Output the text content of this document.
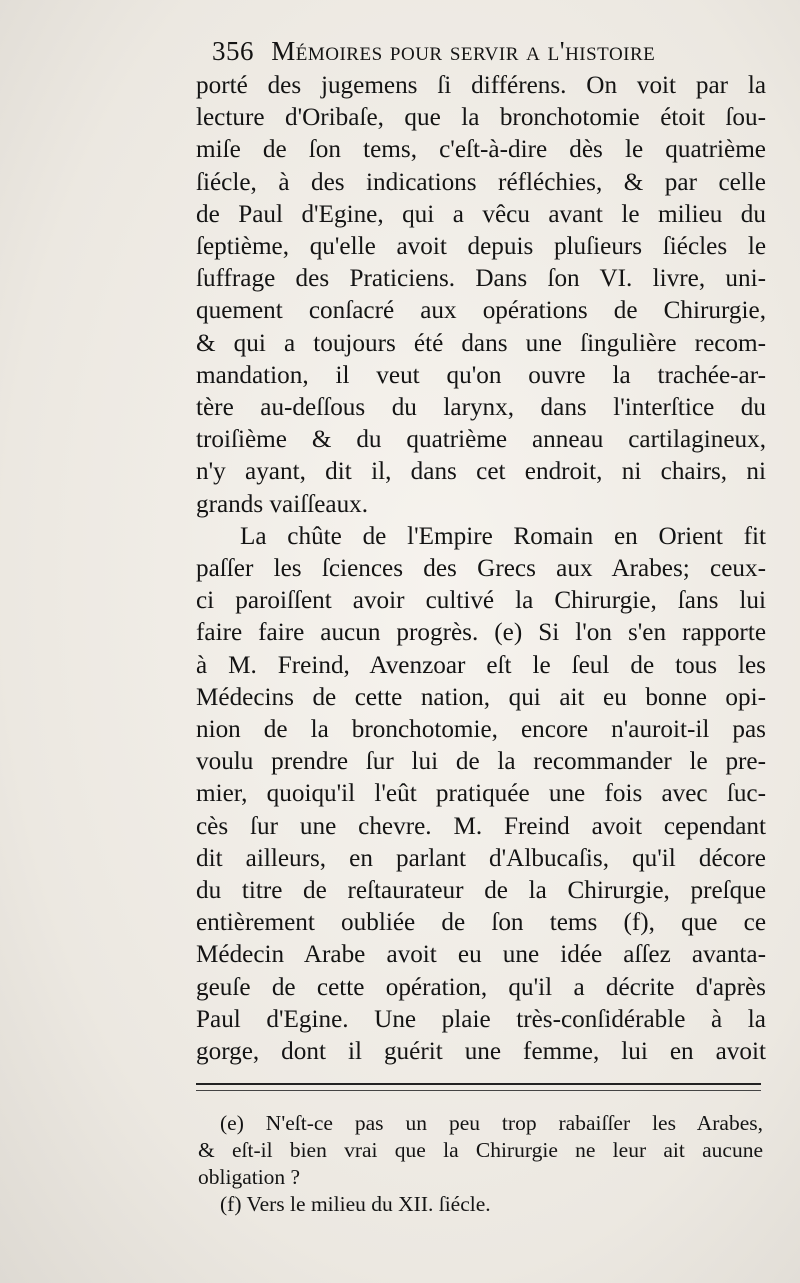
356 Mémoires pour servir a l'histoire
porté des jugemens ſi différens. On voit par la
lecture d'Oribaſe, que la bronchotomie étoit ſou-
miſe de ſon tems, c'eſt-à-dire dès le quatrième
ſiécle, à des indications réfléchies, & par celle
de Paul d'Egine, qui a vêcu avant le milieu du
ſeptième, qu'elle avoit depuis pluſieurs ſiécles le
ſuffrage des Praticiens. Dans ſon VI. livre, uni-
quement conſacré aux opérations de Chirurgie,
& qui a toujours été dans une ſingulière recom-
mandation, il veut qu'on ouvre la trachée-ar-
tère au-deſſous du larynx, dans l'interſtice du
troiſième & du quatrième anneau cartilagineux,
n'y ayant, dit il, dans cet endroit, ni chairs, ni
grands vaiſſeaux.
La chûte de l'Empire Romain en Orient fit
paſſer les ſciences des Grecs aux Arabes; ceux-
ci paroiſſent avoir cultivé la Chirurgie, ſans lui
faire faire aucun progrès. (e) Si l'on s'en rapporte
à M. Freind, Avenzoar eſt le ſeul de tous les
Médecins de cette nation, qui ait eu bonne opi-
nion de la bronchotomie, encore n'auroit-il pas
voulu prendre ſur lui de la recommander le pre-
mier, quoiqu'il l'eût pratiquée une fois avec ſuc-
cès ſur une chevre. M. Freind avoit cependant
dit ailleurs, en parlant d'Albucaſis, qu'il décore
du titre de reſtaurateur de la Chirurgie, preſque
entièrement oubliée de ſon tems (f), que ce
Médecin Arabe avoit eu une idée aſſez avanta-
geuſe de cette opération, qu'il a décrite d'après
Paul d'Egine. Une plaie très-conſidérable à la
gorge, dont il guérit une femme, lui en avoit
(e) N'eſt-ce pas un peu trop rabaiſſer les Arabes,
& eſt-il bien vrai que la Chirurgie ne leur ait aucune
obligation ?
(f) Vers le milieu du XII. ſiécle.
